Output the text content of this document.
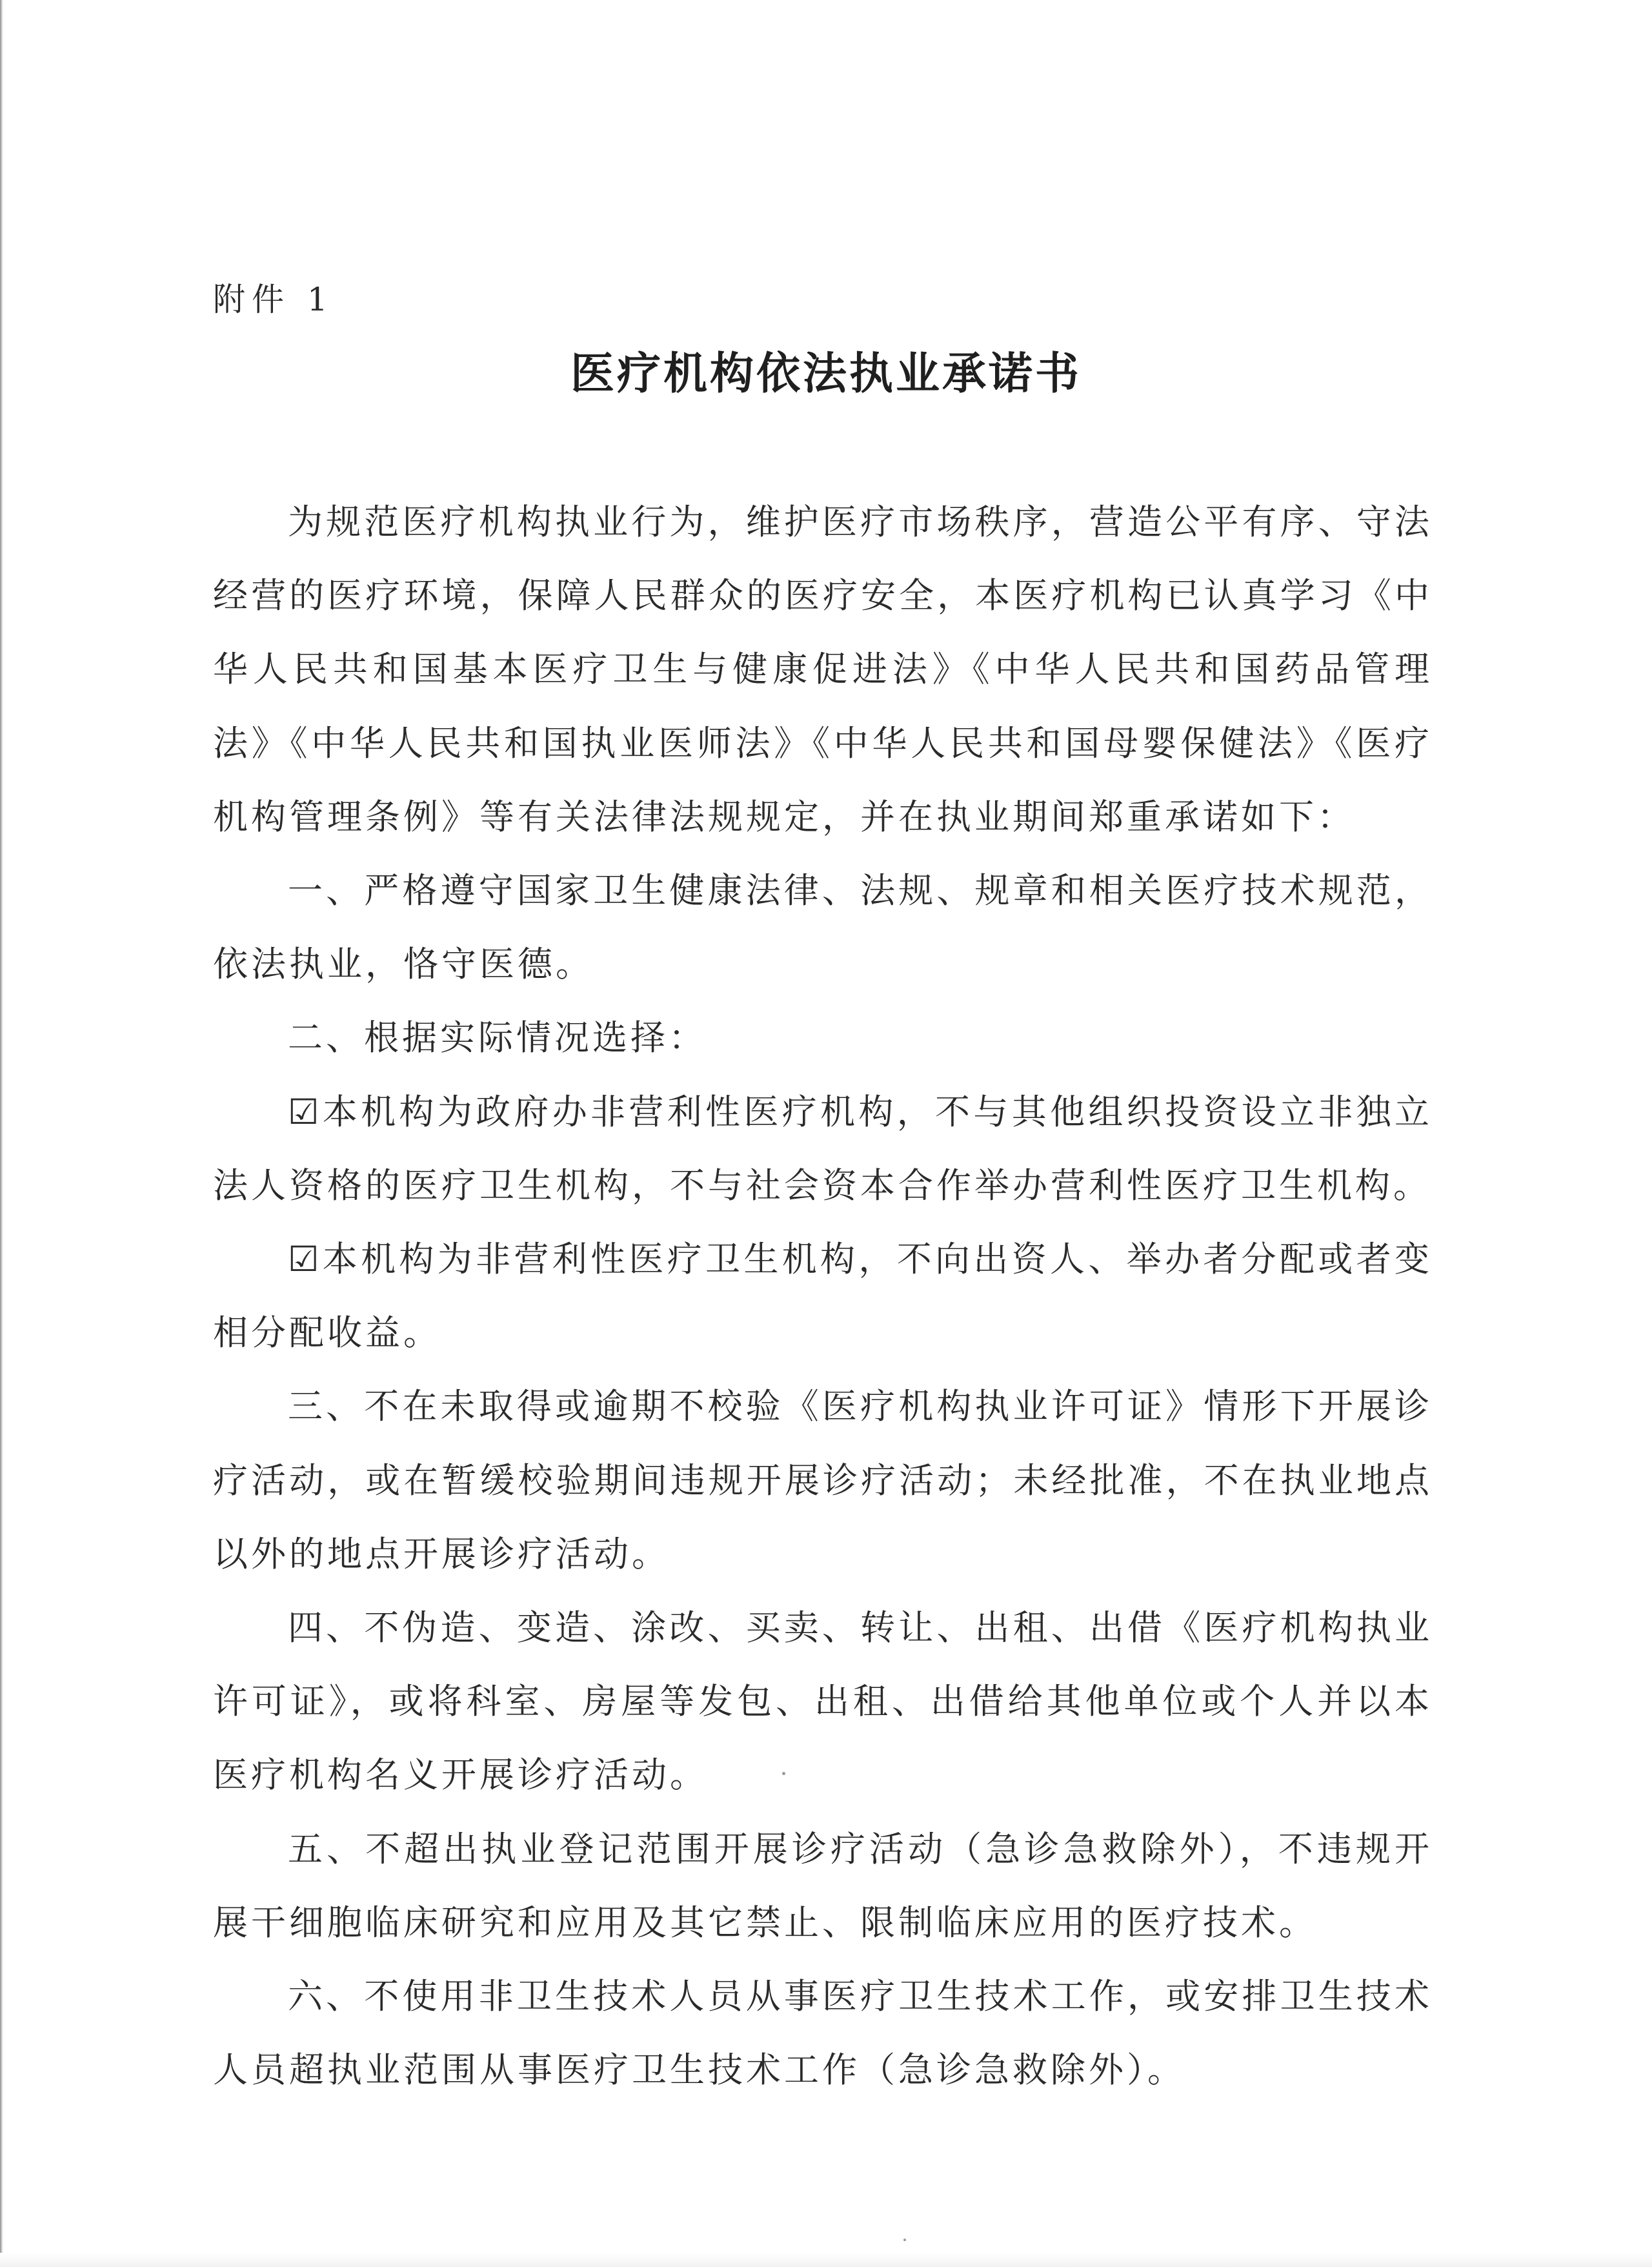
附件 1
医疗机构依法执业承诺书

为规范医疗机构执业行为，维护医疗市场秩序，营造公平有序、守法经营的医疗环境，保障人民群众的医疗安全，本医疗机构已认真学习《中华人民共和国基本医疗卫生与健康促进法》《中华人民共和国药品管理法》《中华人民共和国执业医师法》《中华人民共和国母婴保健法》《医疗机构管理条例》等有关法律法规规定，并在执业期间郑重承诺如下：

一、严格遵守国家卫生健康法律、法规、规章和相关医疗技术规范，依法执业，恪守医德。

二、根据实际情况选择：

☑本机构为政府办非营利性医疗机构，不与其他组织投资设立非独立法人资格的医疗卫生机构，不与社会资本合作举办营利性医疗卫生机构。

☑本机构为非营利性医疗卫生机构，不向出资人、举办者分配或者变相分配收益。

三、不在未取得或逾期不校验《医疗机构执业许可证》情形下开展诊疗活动，或在暂缓校验期间违规开展诊疗活动；未经批准，不在执业地点以外的地点开展诊疗活动。

四、不伪造、变造、涂改、买卖、转让、出租、出借《医疗机构执业许可证》，或将科室、房屋等发包、出租、出借给其他单位或个人并以本医疗机构名义开展诊疗活动。

五、不超出执业登记范围开展诊疗活动（急诊急救除外），不违规开展干细胞临床研究和应用及其它禁止、限制临床应用的医疗技术。

六、不使用非卫生技术人员从事医疗卫生技术工作，或安排卫生技术人员超执业范围从事医疗卫生技术工作（急诊急救除外）。
